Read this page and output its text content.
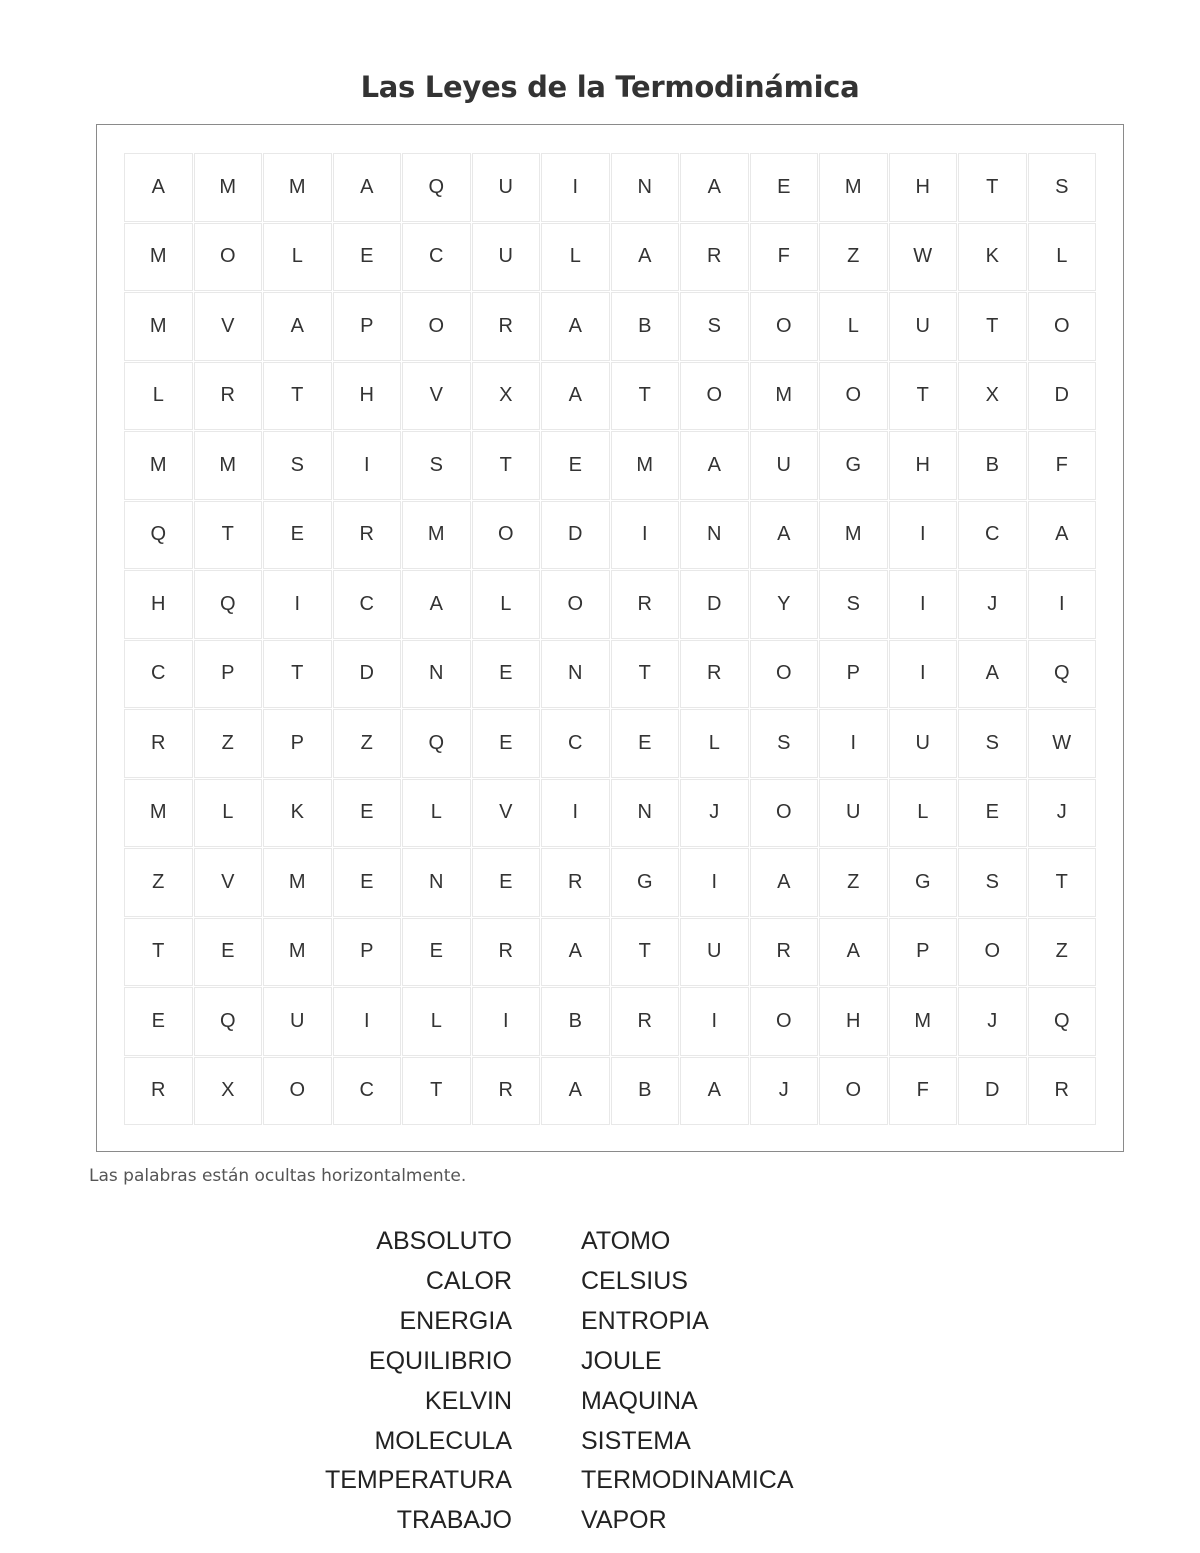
Las Leyes de la Termodinámica
A	M	M	A	Q	U	I	N	A	E	M	H	T	S
M	O	L	E	C	U	L	A	R	F	Z	W	K	L
M	V	A	P	O	R	A	B	S	O	L	U	T	O
L	R	T	H	V	X	A	T	O	M	O	T	X	D
M	M	S	I	S	T	E	M	A	U	G	H	B	F
Q	T	E	R	M	O	D	I	N	A	M	I	C	A
H	Q	I	C	A	L	O	R	D	Y	S	I	J	I
C	P	T	D	N	E	N	T	R	O	P	I	A	Q
R	Z	P	Z	Q	E	C	E	L	S	I	U	S	W
M	L	K	E	L	V	I	N	J	O	U	L	E	J
Z	V	M	E	N	E	R	G	I	A	Z	G	S	T
T	E	M	P	E	R	A	T	U	R	A	P	O	Z
E	Q	U	I	L	I	B	R	I	O	H	M	J	Q
R	X	O	C	T	R	A	B	A	J	O	F	D	R
Las palabras están ocultas horizontalmente.
ABSOLUTO	ATOMO
CALOR	CELSIUS
ENERGIA	ENTROPIA
EQUILIBRIO	JOULE
KELVIN	MAQUINA
MOLECULA	SISTEMA
TEMPERATURA	TERMODINAMICA
TRABAJO	VAPOR
